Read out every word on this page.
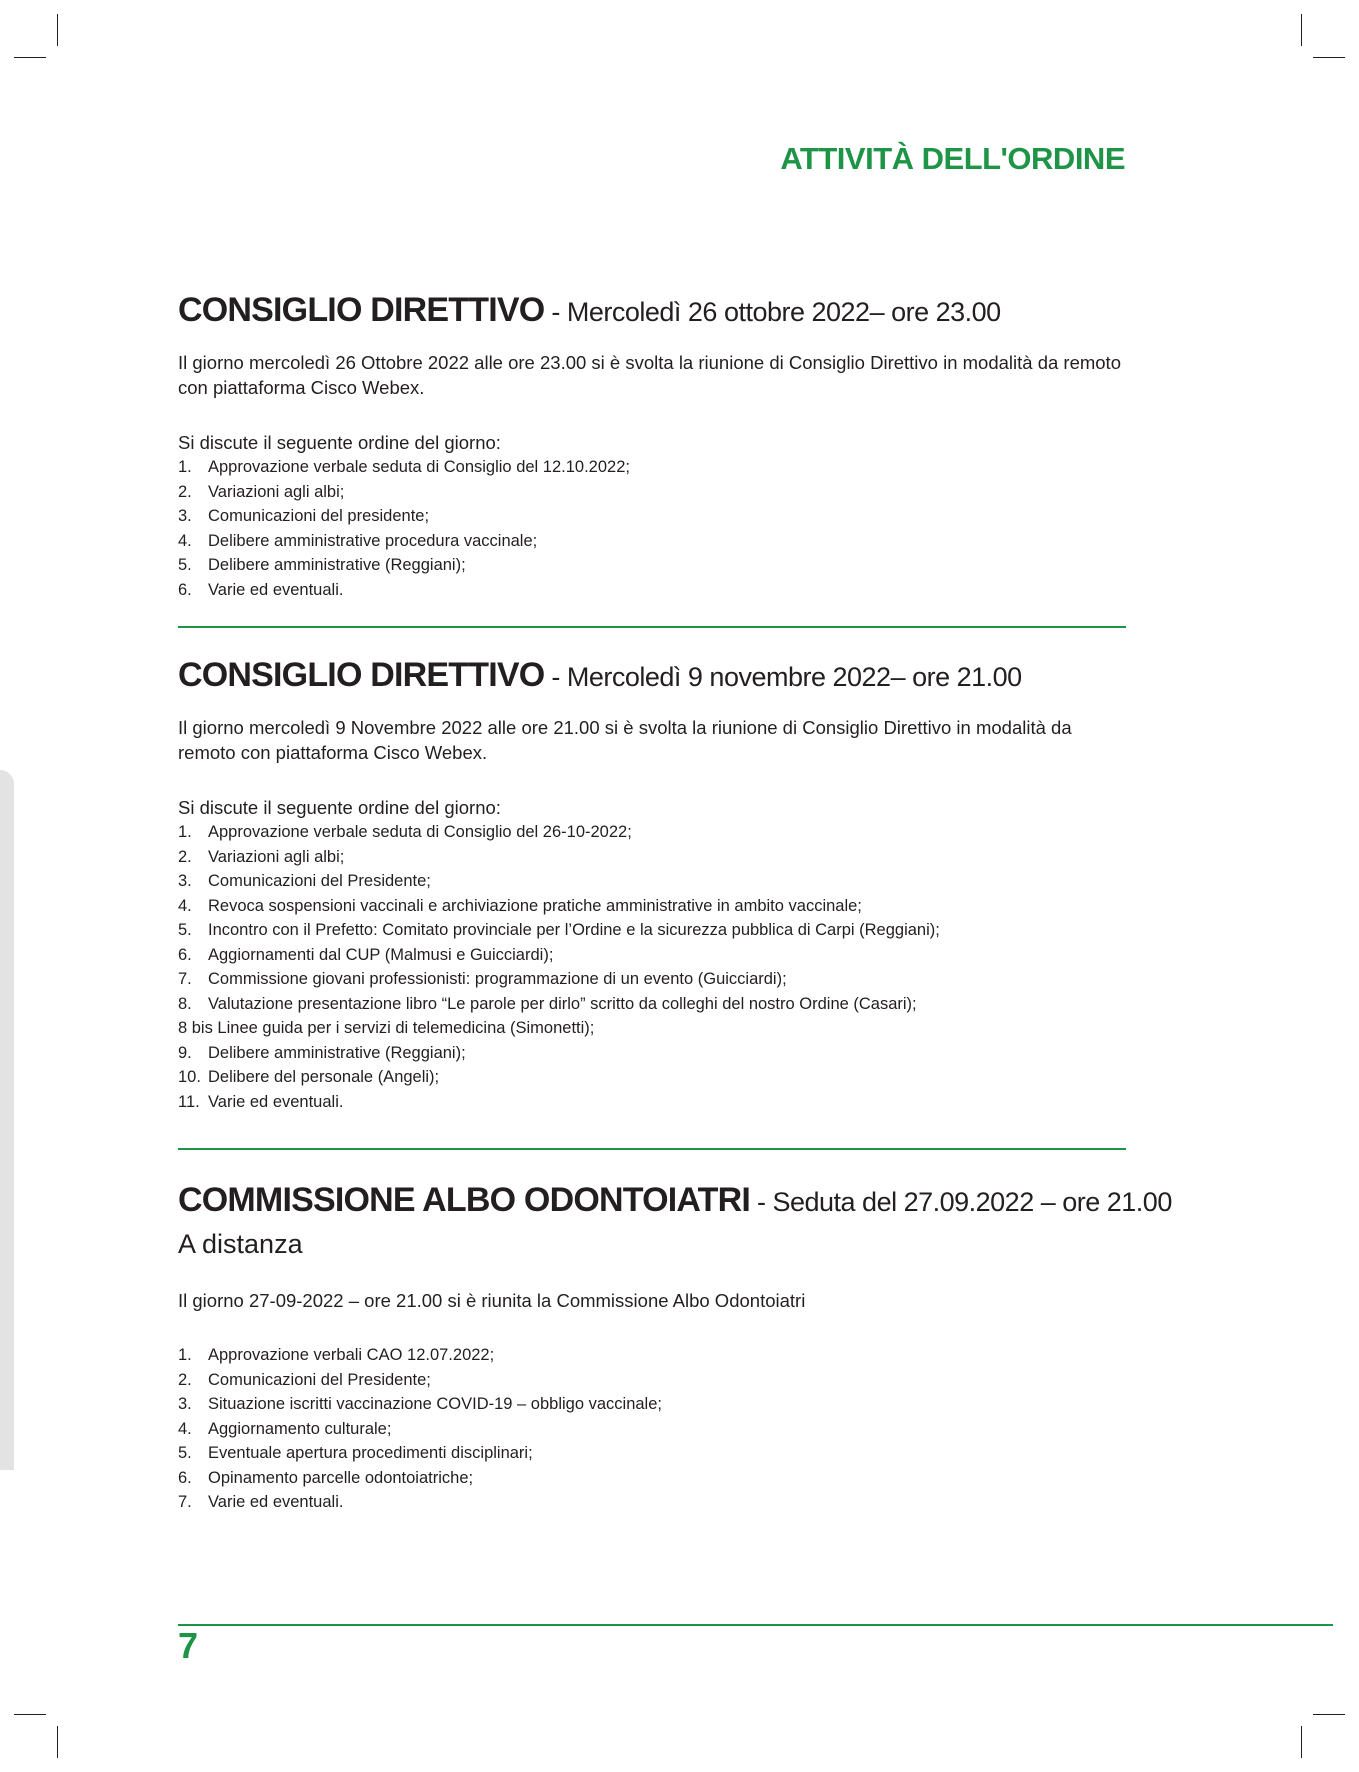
ATTIVITÀ DELL'ORDINE
CONSIGLIO DIRETTIVO - Mercoledì 26 ottobre 2022– ore 23.00
Il giorno mercoledì 26 Ottobre 2022 alle ore 23.00 si è svolta la riunione di Consiglio Direttivo in modalità da remoto con piattaforma Cisco Webex.
Si discute il seguente ordine del giorno:
1. Approvazione verbale seduta di Consiglio del 12.10.2022;
2. Variazioni agli albi;
3. Comunicazioni del presidente;
4. Delibere amministrative procedura vaccinale;
5. Delibere amministrative (Reggiani);
6. Varie ed eventuali.
CONSIGLIO DIRETTIVO - Mercoledì 9 novembre 2022– ore 21.00
Il giorno mercoledì 9 Novembre 2022 alle ore 21.00 si è svolta la riunione di Consiglio Direttivo in modalità da remoto con piattaforma Cisco Webex.
Si discute il seguente ordine del giorno:
1. Approvazione verbale seduta di Consiglio del 26-10-2022;
2. Variazioni agli albi;
3. Comunicazioni del Presidente;
4. Revoca sospensioni vaccinali e archiviazione pratiche amministrative in ambito vaccinale;
5. Incontro con il Prefetto: Comitato provinciale per l’Ordine e la sicurezza pubblica di Carpi (Reggiani);
6. Aggiornamenti dal CUP (Malmusi e Guicciardi);
7. Commissione giovani professionisti: programmazione di un evento (Guicciardi);
8. Valutazione presentazione libro “Le parole per dirlo” scritto da colleghi del nostro Ordine (Casari);
8 bis Linee guida per i servizi di telemedicina (Simonetti);
9. Delibere amministrative (Reggiani);
10. Delibere del personale (Angeli);
11. Varie ed eventuali.
COMMISSIONE ALBO ODONTOIATRI - Seduta del 27.09.2022 – ore 21.00
A distanza
Il giorno 27-09-2022 – ore 21.00 si è riunita la Commissione Albo Odontoiatri
1. Approvazione verbali CAO 12.07.2022;
2. Comunicazioni del Presidente;
3. Situazione iscritti vaccinazione COVID-19 – obbligo vaccinale;
4. Aggiornamento culturale;
5. Eventuale apertura procedimenti disciplinari;
6. Opinamento parcelle odontoiatriche;
7. Varie ed eventuali.
7
